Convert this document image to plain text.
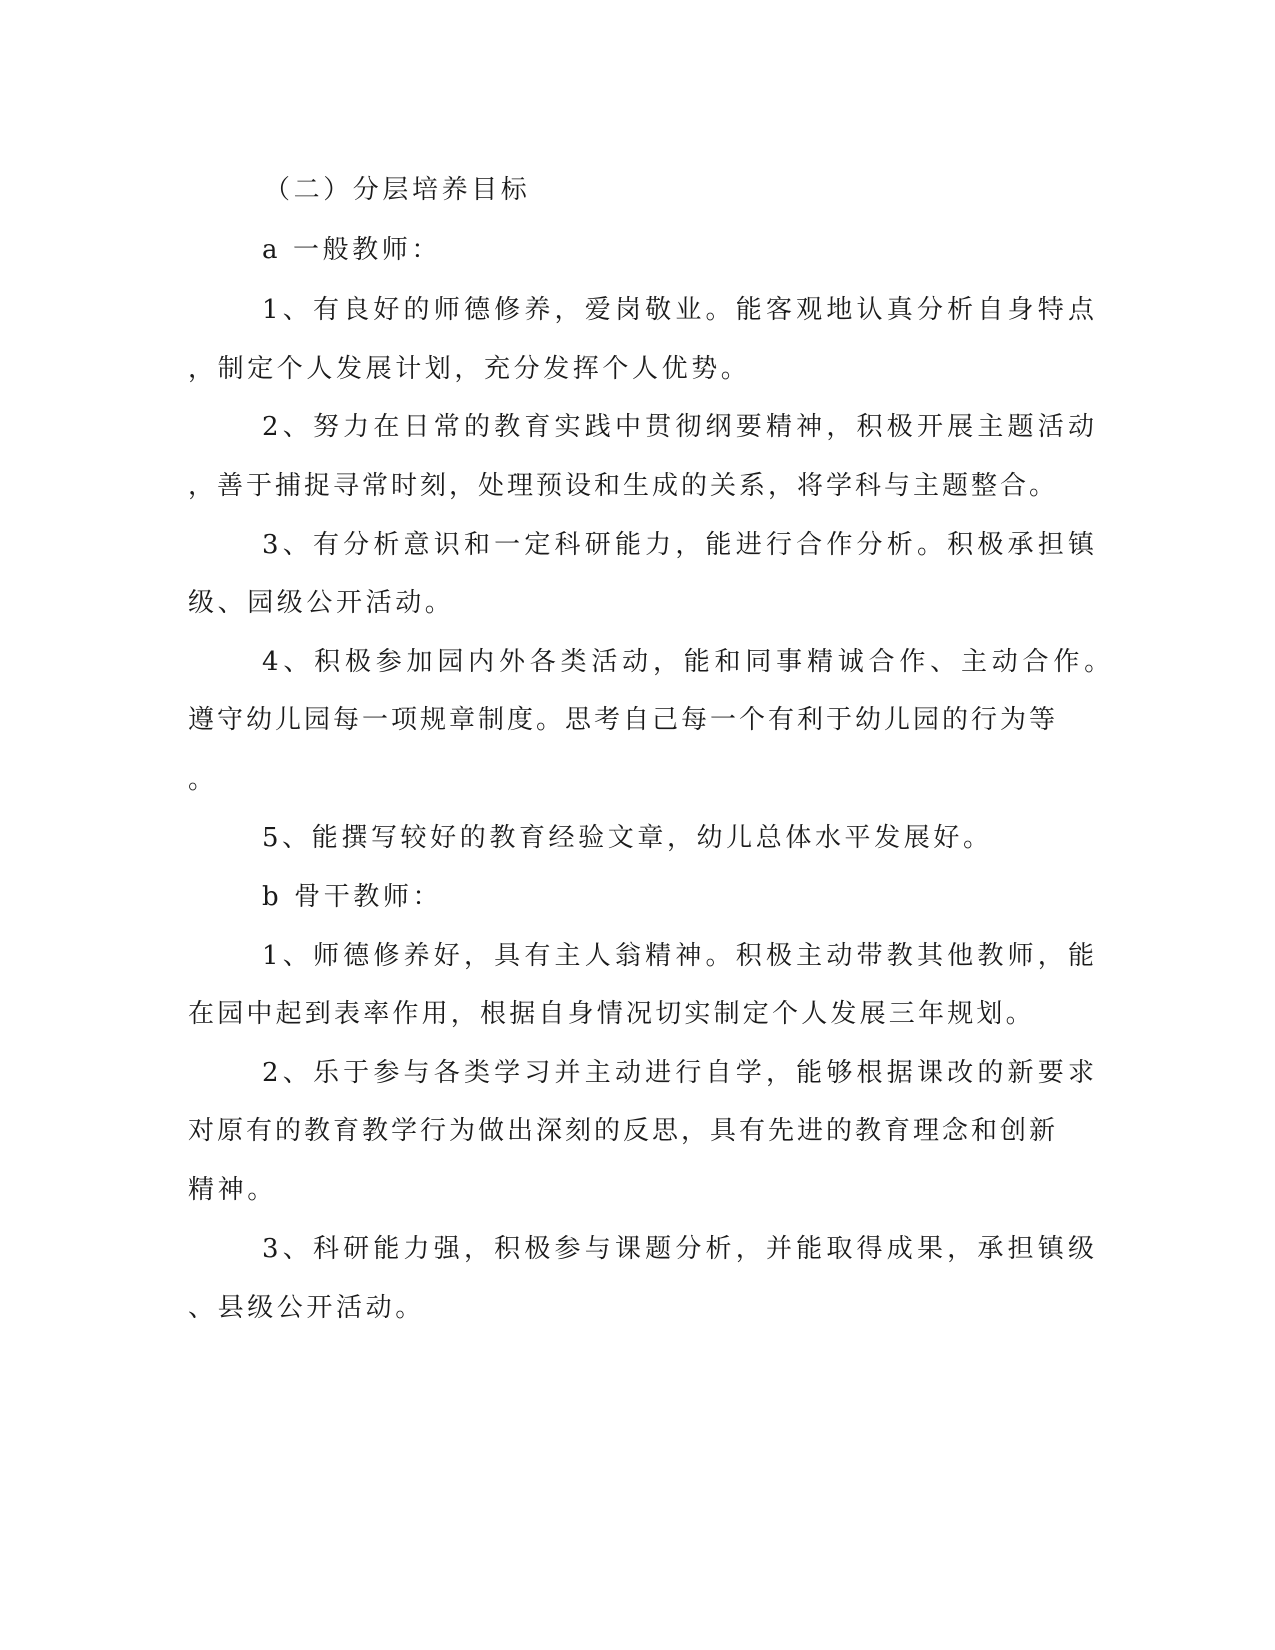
（二）分层培养目标
a 一般教师：
1、有良好的师德修养，爱岗敬业。能客观地认真分析自身特点
，制定个人发展计划，充分发挥个人优势。
2、努力在日常的教育实践中贯彻纲要精神，积极开展主题活动
，善于捕捉寻常时刻，处理预设和生成的关系，将学科与主题整合。
3、有分析意识和一定科研能力，能进行合作分析。积极承担镇
级、园级公开活动。
4、积极参加园内外各类活动，能和同事精诚合作、主动合作。
遵守幼儿园每一项规章制度。思考自己每一个有利于幼儿园的行为等
。
5、能撰写较好的教育经验文章，幼儿总体水平发展好。
b 骨干教师：
1、师德修养好，具有主人翁精神。积极主动带教其他教师，能
在园中起到表率作用，根据自身情况切实制定个人发展三年规划。
2、乐于参与各类学习并主动进行自学，能够根据课改的新要求
对原有的教育教学行为做出深刻的反思，具有先进的教育理念和创新
精神。
3、科研能力强，积极参与课题分析，并能取得成果，承担镇级
、县级公开活动。
